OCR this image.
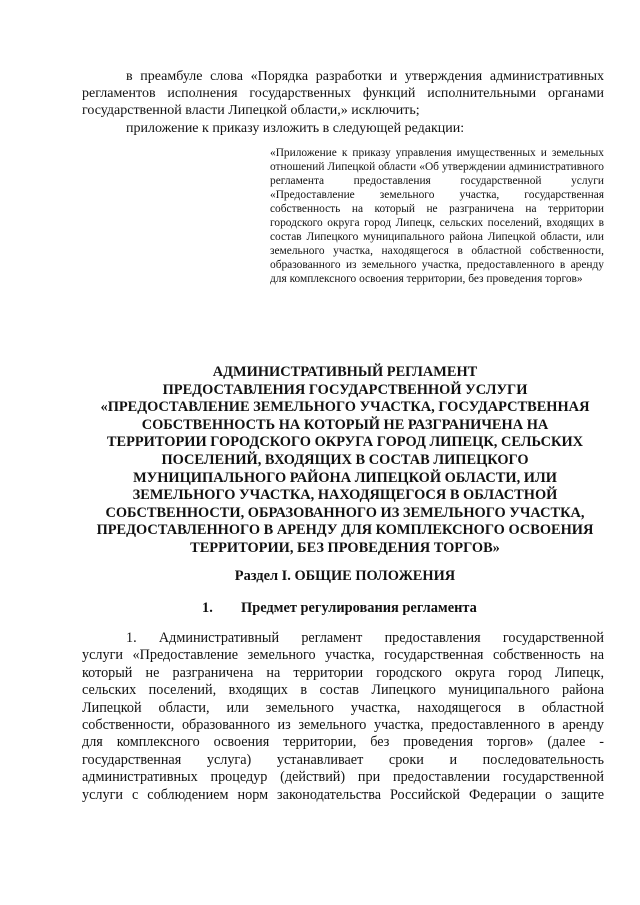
в преамбуле слова «Порядка разработки и утверждения административных регламентов исполнения государственных функций исполнительными органами государственной власти Липецкой области,» исключить;

приложение к приказу изложить в следующей редакции:

«Приложение к приказу управления имущественных и земельных отношений Липецкой области «Об утверждении административного регламента предоставления государственной услуги «Предоставление земельного участка, государственная собственность на который не разграничена на территории городского округа город Липецк, сельских поселений, входящих в состав Липецкого муниципального района Липецкой области, или земельного участка, находящегося в областной собственности, образованного из земельного участка, предоставленного в аренду для комплексного освоения территории, без проведения торгов»
АДМИНИСТРАТИВНЫЙ РЕГЛАМЕНТ
ПРЕДОСТАВЛЕНИЯ ГОСУДАРСТВЕННОЙ УСЛУГИ
«ПРЕДОСТАВЛЕНИЕ ЗЕМЕЛЬНОГО УЧАСТКА, ГОСУДАРСТВЕННАЯ
СОБСТВЕННОСТЬ НА КОТОРЫЙ НЕ РАЗГРАНИЧЕНА НА
ТЕРРИТОРИИ ГОРОДСКОГО ОКРУГА ГОРОД ЛИПЕЦК, СЕЛЬСКИХ
ПОСЕЛЕНИЙ, ВХОДЯЩИХ В СОСТАВ ЛИПЕЦКОГО
МУНИЦИПАЛЬНОГО РАЙОНА ЛИПЕЦКОЙ ОБЛАСТИ, ИЛИ
ЗЕМЕЛЬНОГО УЧАСТКА, НАХОДЯЩЕГОСЯ В ОБЛАСТНОЙ
СОБСТВЕННОСТИ, ОБРАЗОВАННОГО ИЗ ЗЕМЕЛЬНОГО УЧАСТКА,
ПРЕДОСТАВЛЕННОГО В АРЕНДУ ДЛЯ КОМПЛЕКСНОГО ОСВОЕНИЯ
ТЕРРИТОРИИ, БЕЗ ПРОВЕДЕНИЯ ТОРГОВ»
Раздел I. ОБЩИЕ ПОЛОЖЕНИЯ
1. Предмет регулирования регламента
1. Административный регламент предоставления государственной
услуги «Предоставление земельного участка, государственная собственность на
который не разграничена на территории городского округа город Липецк,
сельских поселений, входящих в состав Липецкого муниципального района
Липецкой области, или земельного участка, находящегося в областной
собственности, образованного из земельного участка, предоставленного в аренду
для комплексного освоения территории, без проведения торгов» (далее -
государственная услуга) устанавливает сроки и последовательность
административных процедур (действий) при предоставлении государственной
услуги с соблюдением норм законодательства Российской Федерации о защите
